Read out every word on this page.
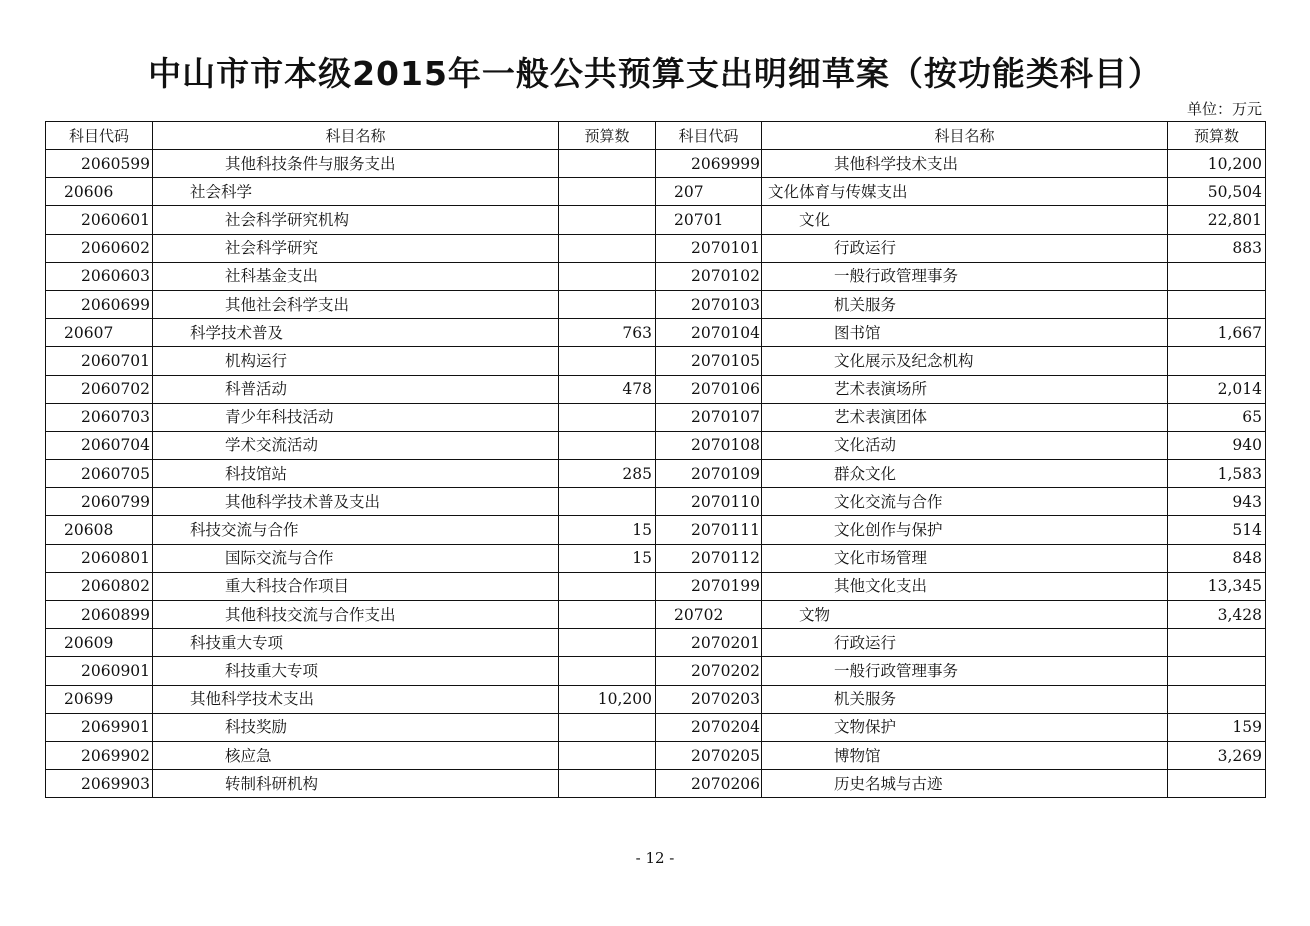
中山市市本级2015年一般公共预算支出明细草案（按功能类科目）
单位：万元
科目代码	科目名称	预算数	科目代码	科目名称	预算数
2060599	其他科技条件与服务支出		2069999	其他科学技术支出	10,200
20606	社会科学		207	文化体育与传媒支出	50,504
2060601	社会科学研究机构		20701	文化	22,801
2060602	社会科学研究		2070101	行政运行	883
2060603	社科基金支出		2070102	一般行政管理事务	
2060699	其他社会科学支出		2070103	机关服务	
20607	科学技术普及	763	2070104	图书馆	1,667
2060701	机构运行		2070105	文化展示及纪念机构	
2060702	科普活动	478	2070106	艺术表演场所	2,014
2060703	青少年科技活动		2070107	艺术表演团体	65
2060704	学术交流活动		2070108	文化活动	940
2060705	科技馆站	285	2070109	群众文化	1,583
2060799	其他科学技术普及支出		2070110	文化交流与合作	943
20608	科技交流与合作	15	2070111	文化创作与保护	514
2060801	国际交流与合作	15	2070112	文化市场管理	848
2060802	重大科技合作项目		2070199	其他文化支出	13,345
2060899	其他科技交流与合作支出		20702	文物	3,428
20609	科技重大专项		2070201	行政运行	
2060901	科技重大专项		2070202	一般行政管理事务	
20699	其他科学技术支出	10,200	2070203	机关服务	
2069901	科技奖励		2070204	文物保护	159
2069902	核应急		2070205	博物馆	3,269
2069903	转制科研机构		2070206	历史名城与古迹	
- 12 -
